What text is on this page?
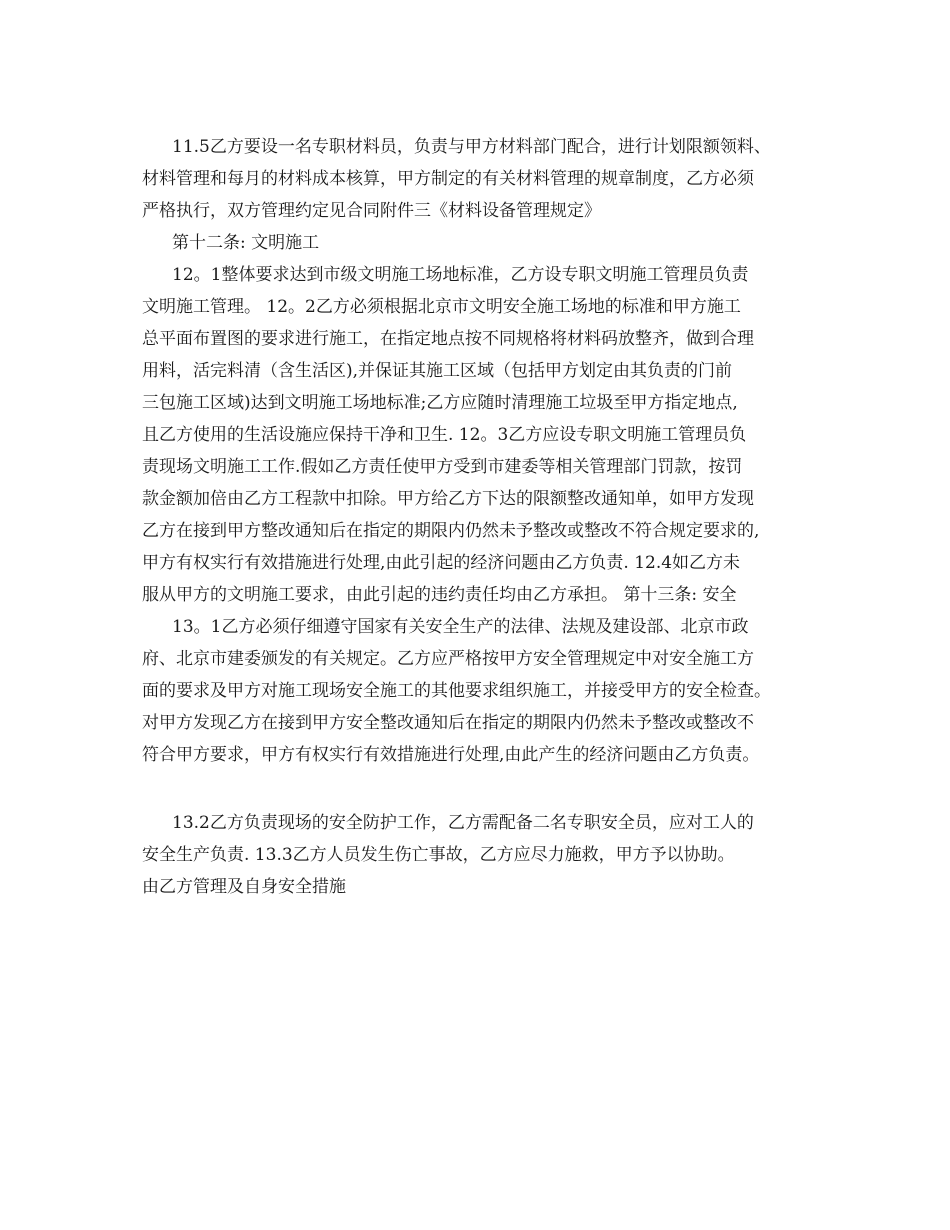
11.5乙方要设一名专职材料员，负责与甲方材料部门配合，进行计划限额领料、
材料管理和每月的材料成本核算，甲方制定的有关材料管理的规章制度，乙方必须
严格执行，双方管理约定见合同附件三《材料设备管理规定》
第十二条: 文明施工
12。1整体要求达到市级文明施工场地标准，乙方设专职文明施工管理员负责
文明施工管理。 12。2乙方必须根据北京市文明安全施工场地的标准和甲方施工
总平面布置图的要求进行施工，在指定地点按不同规格将材料码放整齐，做到合理
用料，活完料清（含生活区),并保证其施工区域（包括甲方划定由其负责的门前
三包施工区域)达到文明施工场地标准;乙方应随时清理施工垃圾至甲方指定地点,
且乙方使用的生活设施应保持干净和卫生. 12。3乙方应设专职文明施工管理员负
责现场文明施工工作.假如乙方责任使甲方受到市建委等相关管理部门罚款，按罚
款金额加倍由乙方工程款中扣除。甲方给乙方下达的限额整改通知单，如甲方发现
乙方在接到甲方整改通知后在指定的期限内仍然未予整改或整改不符合规定要求的,
甲方有权实行有效措施进行处理,由此引起的经济问题由乙方负责. 12.4如乙方未
服从甲方的文明施工要求，由此引起的违约责任均由乙方承担。 第十三条: 安全
13。1乙方必须仔细遵守国家有关安全生产的法律、法规及建设部、北京市政
府、北京市建委颁发的有关规定。乙方应严格按甲方安全管理规定中对安全施工方
面的要求及甲方对施工现场安全施工的其他要求组织施工，并接受甲方的安全检查。
对甲方发现乙方在接到甲方安全整改通知后在指定的期限内仍然未予整改或整改不
符合甲方要求，甲方有权实行有效措施进行处理,由此产生的经济问题由乙方负责。
13.2乙方负责现场的安全防护工作，乙方需配备二名专职安全员，应对工人的
安全生产负责. 13.3乙方人员发生伤亡事故，乙方应尽力施救，甲方予以协助。
由乙方管理及自身安全措施
